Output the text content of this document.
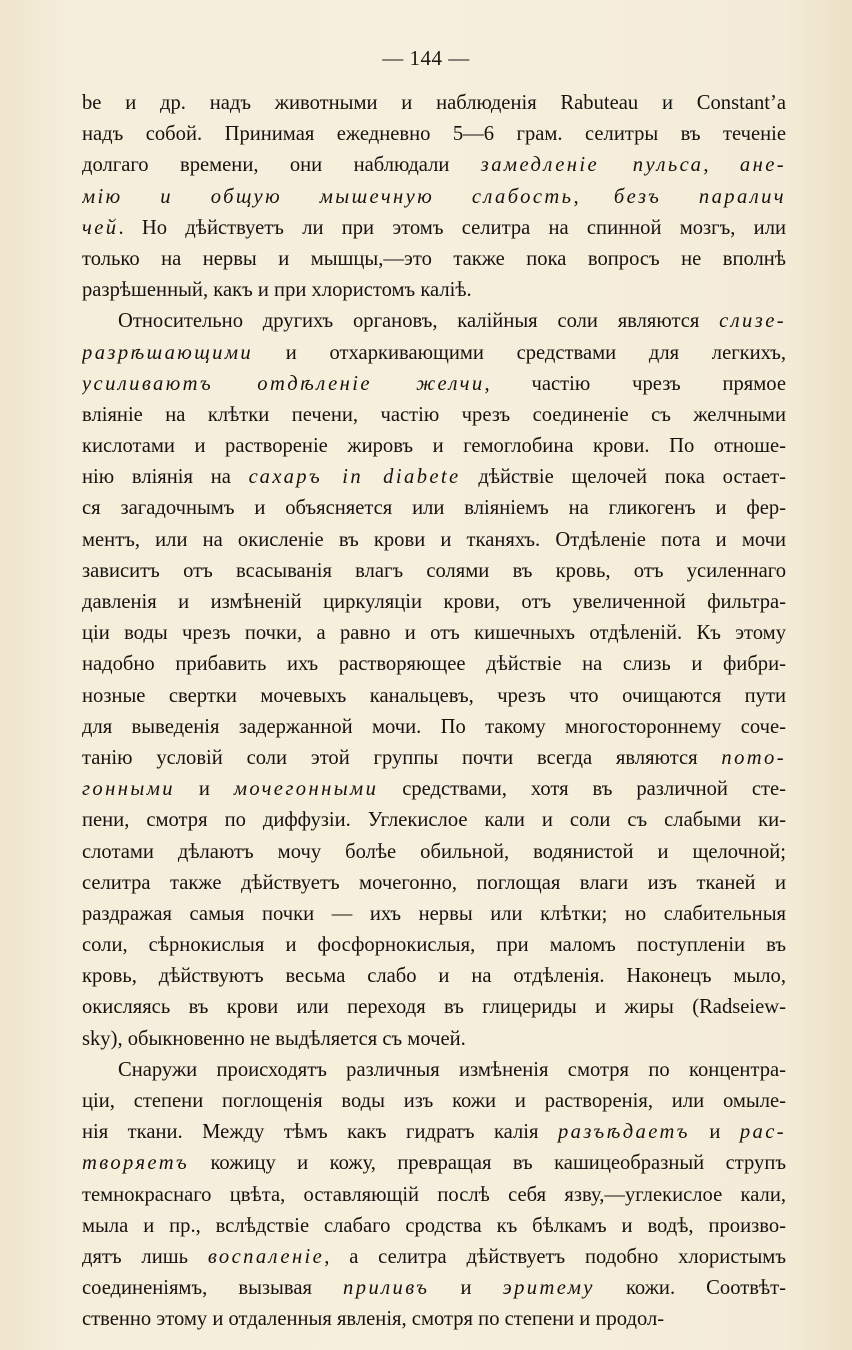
— 144 —
be и др. надъ животными и наблюденія Rabuteau и Constant’a
надъ собой. Принимая ежедневно 5—6 грам. селитры въ теченіе
долгаго времени, они наблюдали замедленіе пульса, ане-
мію и общую мышечную слабость, безъ паралич
чей. Но дѣйствуетъ ли при этомъ селитра на спинной мозгъ, или
только на нервы и мышцы,—это также пока вопросъ не вполнѣ
разрѣшенный, какъ и при хлористомъ каліѣ.
Относительно другихъ органовъ, калійныя соли являются слизе-
разрѣшающими и отхаркивающими средствами для легкихъ,
усиливаютъ отдѣленіе желчи, частію чрезъ прямое
вліяніе на клѣтки печени, частію чрезъ соединеніе съ желчными
кислотами и раствореніе жировъ и гемоглобина крови. По отноше-
нію вліянія на сахаръ in diabete дѣйствіе щелочей пока остает-
ся загадочнымъ и объясняется или вліяніемъ на гликогенъ и фер-
ментъ, или на окисленіе въ крови и тканяхъ. Отдѣленіе пота и мочи
зависитъ отъ всасыванія влагъ солями въ кровь, отъ усиленнаго
давленія и измѣненій циркуляціи крови, отъ увеличенной фильтра-
ціи воды чрезъ почки, а равно и отъ кишечныхъ отдѣленій. Къ этому
надобно прибавить ихъ растворяющее дѣйствіе на слизь и фибри-
нозные свертки мочевыхъ канальцевъ, чрезъ что очищаются пути
для выведенія задержанной мочи. По такому многостороннему соче-
танію условій соли этой группы почти всегда являются пото-
гонными и мочегонными средствами, хотя въ различной сте-
пени, смотря по диффузіи. Углекислое кали и соли съ слабыми ки-
слотами дѣлаютъ мочу болѣе обильной, водянистой и щелочной;
селитра также дѣйствуетъ мочегонно, поглощая влаги изъ тканей и
раздражая самыя почки — ихъ нервы или клѣтки; но слабительныя
соли, сѣрнокислыя и фосфорнокислыя, при маломъ поступленіи въ
кровь, дѣйствуютъ весьма слабо и на отдѣленія. Наконецъ мыло,
окисляясь въ крови или переходя въ глицериды и жиры (Radseiew-
sky), обыкновенно не выдѣляется съ мочей.
Снаружи происходятъ различныя измѣненія смотря по концентра-
ціи, степени поглощенія воды изъ кожи и растворенія, или омыле-
нія ткани. Между тѣмъ какъ гидратъ калія разъѣдаетъ и рас-
творяетъ кожицу и кожу, превращая въ кашицеобразный струпъ
темнокраснаго цвѣта, оставляющій послѣ себя язву,—углекислое кали,
мыла и пр., вслѣдствіе слабаго сродства къ бѣлкамъ и водѣ, произво-
дятъ лишь воспаленіе, а селитра дѣйствуетъ подобно хлористымъ
соединеніямъ, вызывая приливъ и эритему кожи. Соотвѣт-
ственно этому и отдаленныя явленія, смотря по степени и продол-
